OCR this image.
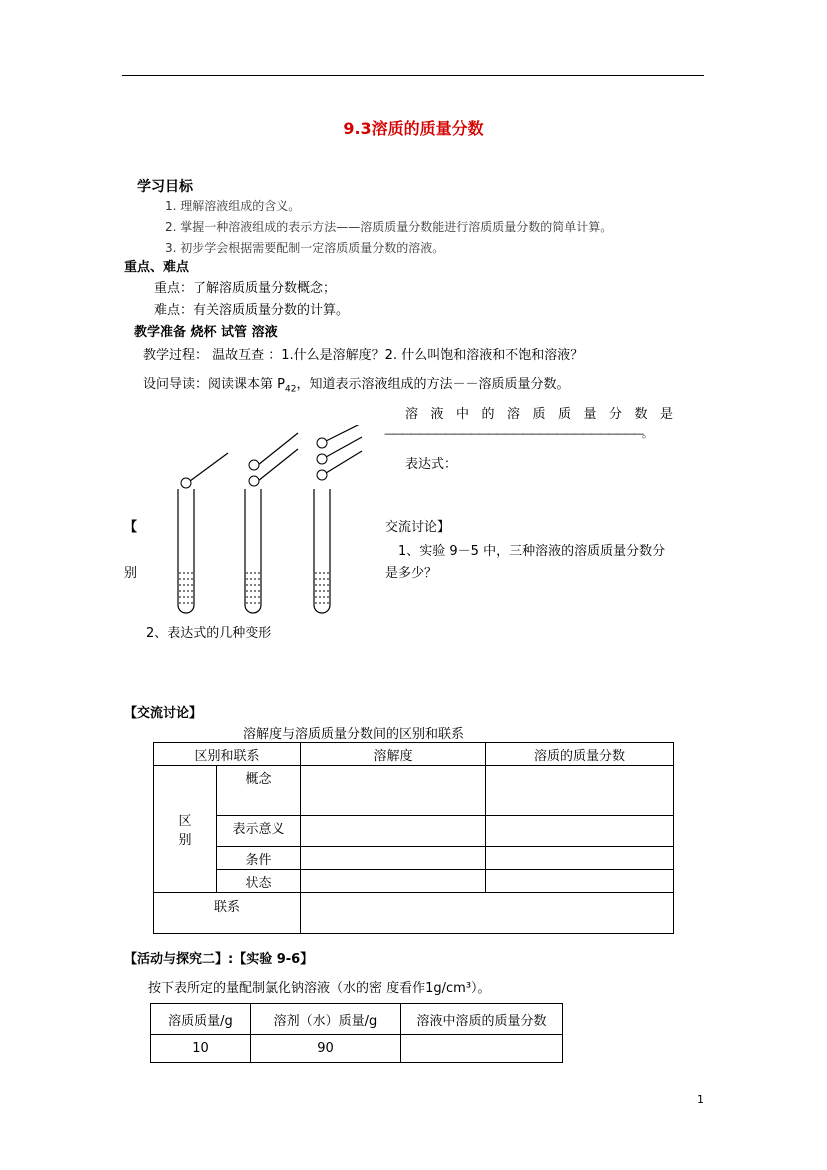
9.3溶质的质量分数
学习目标
1. 理解溶液组成的含义。
2. 掌握一种溶液组成的表示方法——溶质质量分数能进行溶质质量分数的简单计算。
3. 初步学会根据需要配制一定溶质质量分数的溶液。
重点、难点
重点：了解溶质质量分数概念；
难点：有关溶质质量分数的计算。
教学准备 烧杯 试管 溶液
教学过程： 温故互查 ：1.什么是溶解度？2. 什么叫饱和溶液和不饱和溶液？
设问导读：阅读课本第 $P_{42}$，知道表示溶液组成的方法－－溶质质量分数。
溶液中的溶质质量分数是
——————————————————————————————。
表达式：
【
别
交流讨论】
1、实验 9－5 中，三种溶液的溶质质量分数分
是多少？
2、表达式的几种变形
【交流讨论】
溶解度与溶质质量分数间的区别和联系
区别和联系		溶解度	溶质的质量分数
区
别	概念		
	表示意义		
	条件		
	状态		
联系			
【活动与探究二】:【实验 9-6】
按下表所定的量配制氯化钠溶液（水的密 度看作1g/cm³）。
溶质质量/g	溶剂（水）质量/g	溶液中溶质的质量分数
10	90	
1
